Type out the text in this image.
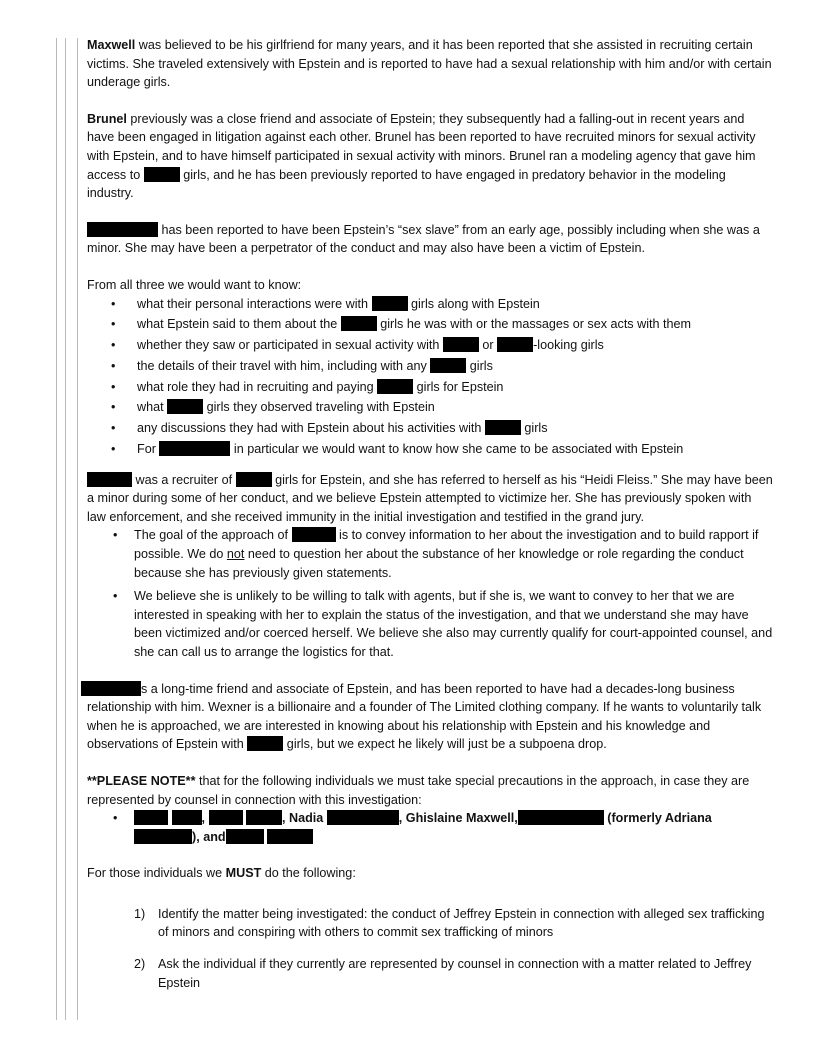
Maxwell was believed to be his girlfriend for many years, and it has been reported that she assisted in recruiting certain victims. She traveled extensively with Epstein and is reported to have had a sexual relationship with him and/or with certain underage girls.

Brunel previously was a close friend and associate of Epstein; they subsequently had a falling-out in recent years and have been engaged in litigation against each other. Brunel has been reported to have recruited minors for sexual activity with Epstein, and to have himself participated in sexual activity with minors. Brunel ran a modeling agency that gave him access to	girls, and he has been previously reported to have engaged in predatory behavior in the modeling industry.

has been reported to have been Epstein’s “sex slave” from an early age, possibly including when she was a minor. She may have been a perpetrator of the conduct and may also have been a victim of Epstein.

From all three we would want to know:
• what their personal interactions were with	girls along with Epstein
• what Epstein said to them about the	girls he was with or the massages or sex acts with them
• whether they saw or participated in sexual activity with	or	-looking girls
• the details of their travel with him, including with any	girls
• what role they had in recruiting and paying	girls for Epstein
• what	girls they observed traveling with Epstein
• any discussions they had with Epstein about his activities with	girls
• For	in particular we would want to know how she came to be associated with Epstein

was a recruiter of	girls for Epstein, and she has referred to herself as his “Heidi Fleiss.” She may have been a minor during some of her conduct, and we believe Epstein attempted to victimize her. She has previously spoken with law enforcement, and she received immunity in the initial investigation and testified in the grand jury.

• The goal of the approach of	is to convey information to her about the investigation and to build rapport if possible. We do not need to question her about the substance of her knowledge or role regarding the conduct because she has previously given statements.
• We believe she is unlikely to be willing to talk with agents, but if she is, we want to convey to her that we are interested in speaking with her to explain the status of the investigation, and that we understand she may have been victimized and/or coerced herself. We believe she also may currently qualify for court-appointed counsel, and she can call us to arrange the logistics for that.

s a long-time friend and associate of Epstein, and has been reported to have had a decades-long business relationship with him. Wexner is a billionaire and a founder of The Limited clothing company. If he wants to voluntarily talk when he is approached, we are interested in knowing about his relationship with Epstein and his knowledge and observations of Epstein with	girls, but we expect he likely will just be a subpoena drop.

**PLEASE NOTE** that for the following individuals we must take special precautions in the approach, in case they are represented by counsel in connection with this investigation:

•  ,	, Nadia	, Ghislaine Maxwell,	(formerly Adriana
), and
For those individuals we MUST do the following:
1) Identify the matter being investigated: the conduct of Jeffrey Epstein in connection with alleged sex trafficking of minors and conspiring with others to commit sex trafficking of minors
2) Ask the individual if they currently are represented by counsel in connection with a matter related to Jeffrey Epstein
